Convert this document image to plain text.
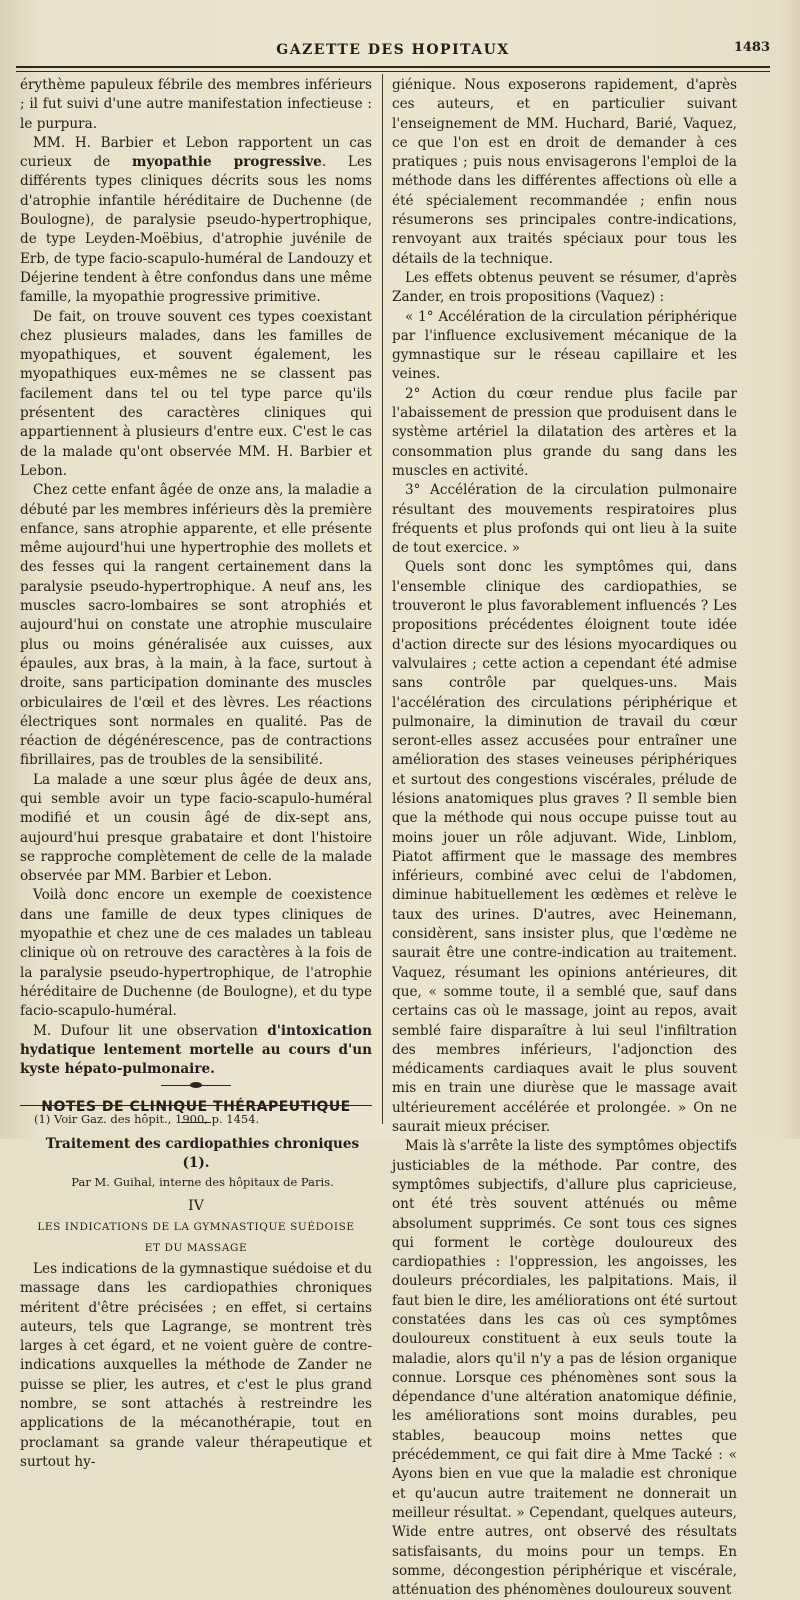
GAZETTE DES HOPITAUX	1483

érythème papuleux fébrile des membres inférieurs ; il fut suivi d'une autre manifestation infectieuse : le purpura.

MM. H. Barbier et Lebon rapportent un cas curieux de myopathie progressive. Les différents types cliniques décrits sous les noms d'atrophie infantile héréditaire de Duchenne (de Boulogne), de paralysie pseudo-hypertrophique, de type Leyden-Moëbius, d'atrophie juvénile de Erb, de type facio-scapulo-huméral de Landouzy et Déjerine tendent à être confondus dans une même famille, la myopathie progressive primitive.

De fait, on trouve souvent ces types coexistant chez plusieurs malades, dans les familles de myopathiques, et souvent également, les myopathiques eux-mêmes ne se classent pas facilement dans tel ou tel type parce qu'ils présentent des caractères cliniques qui appartiennent à plusieurs d'entre eux. C'est le cas de la malade qu'ont observée MM. H. Barbier et Lebon.

Chez cette enfant âgée de onze ans, la maladie a débuté par les membres inférieurs dès la première enfance, sans atrophie apparente, et elle présente même aujourd'hui une hypertrophie des mollets et des fesses qui la rangent certainement dans la paralysie pseudo-hypertrophique. A neuf ans, les muscles sacro-lombaires se sont atrophiés et aujourd'hui on constate une atrophie musculaire plus ou moins généralisée aux cuisses, aux épaules, aux bras, à la main, à la face, surtout à droite, sans participation dominante des muscles orbiculaires de l'œil et des lèvres. Les réactions électriques sont normales en qualité. Pas de réaction de dégénérescence, pas de contractions fibrillaires, pas de troubles de la sensibilité.

La malade a une sœur plus âgée de deux ans, qui semble avoir un type facio-scapulo-huméral modifié et un cousin âgé de dix-sept ans, aujourd'hui presque grabataire et dont l'histoire se rapproche complètement de celle de la malade observée par MM. Barbier et Lebon.

Voilà donc encore un exemple de coexistence dans une famille de deux types cliniques de myopathie et chez une de ces malades un tableau clinique où on retrouve des caractères à la fois de la paralysie pseudo-hypertrophique, de l'atrophie héréditaire de Duchenne (de Boulogne), et du type facio-scapulo-huméral.

M. Dufour lit une observation d'intoxication hydatique lentement mortelle au cours d'un kyste hépato-pulmonaire.

NOTES DE CLINIQUE THÉRAPEUTIQUE

Traitement des cardiopathies chroniques (1).

Par M. Guihal, interne des hôpitaux de Paris.

IV
LES INDICATIONS DE LA GYMNASTIQUE SUÉDOISE
ET DU MASSAGE

Les indications de la gymnastique suédoise et du massage dans les cardiopathies chroniques méritent d'être précisées ; en effet, si certains auteurs, tels que Lagrange, se montrent très larges à cet égard, et ne voient guère de contre-indications auxquelles la méthode de Zander ne puisse se plier, les autres, et c'est le plus grand nombre, se sont attachés à restreindre les applications de la mécanothérapie, tout en proclamant sa grande valeur thérapeutique et surtout hy-

(1) Voir Gaz. des hôpit., 1900, p. 1454.

giénique. Nous exposerons rapidement, d'après ces auteurs, et en particulier suivant l'enseignement de MM. Huchard, Barié, Vaquez, ce que l'on est en droit de demander à ces pratiques ; puis nous envisagerons l'emploi de la méthode dans les différentes affections où elle a été spécialement recommandée ; enfin nous résumerons ses principales contre-indications, renvoyant aux traités spéciaux pour tous les détails de la technique.

Les effets obtenus peuvent se résumer, d'après Zander, en trois propositions (Vaquez) :

« 1° Accélération de la circulation périphérique par l'influence exclusivement mécanique de la gymnastique sur le réseau capillaire et les veines.

2° Action du cœur rendue plus facile par l'abaissement de pression que produisent dans le système artériel la dilatation des artères et la consommation plus grande du sang dans les muscles en activité.

3° Accélération de la circulation pulmonaire résultant des mouvements respiratoires plus fréquents et plus profonds qui ont lieu à la suite de tout exercice. »

Quels sont donc les symptômes qui, dans l'ensemble clinique des cardiopathies, se trouveront le plus favorablement influencés ? Les propositions précédentes éloignent toute idée d'action directe sur des lésions myocardiques ou valvulaires ; cette action a cependant été admise sans contrôle par quelques-uns. Mais l'accélération des circulations périphérique et pulmonaire, la diminution de travail du cœur seront-elles assez accusées pour entraîner une amélioration des stases veineuses périphériques et surtout des congestions viscérales, prélude de lésions anatomiques plus graves ? Il semble bien que la méthode qui nous occupe puisse tout au moins jouer un rôle adjuvant. Wide, Linblom, Piatot affirment que le massage des membres inférieurs, combiné avec celui de l'abdomen, diminue habituellement les œdèmes et relève le taux des urines. D'autres, avec Heinemann, considèrent, sans insister plus, que l'œdème ne saurait être une contre-indication au traitement. Vaquez, résumant les opinions antérieures, dit que, « somme toute, il a semblé que, sauf dans certains cas où le massage, joint au repos, avait semblé faire disparaître à lui seul l'infiltration des membres inférieurs, l'adjonction des médicaments cardiaques avait le plus souvent mis en train une diurèse que le massage avait ultérieurement accélérée et prolongée. » On ne saurait mieux préciser.

Mais là s'arrête la liste des symptômes objectifs justiciables de la méthode. Par contre, des symptômes subjectifs, d'allure plus capricieuse, ont été très souvent atténués ou même absolument supprimés. Ce sont tous ces signes qui forment le cortège douloureux des cardiopathies : l'oppression, les angoisses, les douleurs précordiales, les palpitations. Mais, il faut bien le dire, les améliorations ont été surtout constatées dans les cas où ces symptômes douloureux constituent à eux seuls toute la maladie, alors qu'il n'y a pas de lésion organique connue. Lorsque ces phénomènes sont sous la dépendance d'une altération anatomique définie, les améliorations sont moins durables, peu stables, beaucoup moins nettes que précédemment, ce qui fait dire à Mme Tacké : « Ayons bien en vue que la maladie est chronique et qu'aucun autre traitement ne donnerait un meilleur résultat. » Cependant, quelques auteurs, Wide entre autres, ont observé des résultats satisfaisants, du moins pour un temps. En somme, décongestion périphérique et viscérale, atténuation des phénomènes douloureux souvent
